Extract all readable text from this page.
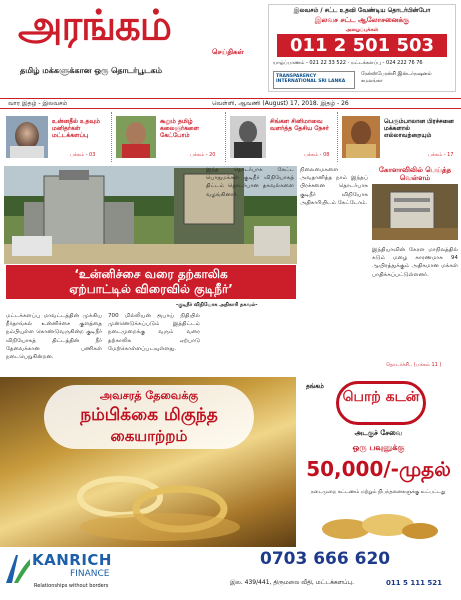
அரங்கம்
செய்திகள்
தமிழ் மக்களுக்கான ஒரு தொடர்பூடகம்
இலவசம் / சட்ட உதவி வேண்டிய தொடர்பின்போ
இலவச சட்ட ஆலோசனைக்கு
அழைப்புக்கள்
011 2 501 503
யாழ்ப்பாணம் - 021 22 33 522 · மட்டக்களப்பு - 024 222 76 76
TRANSPARENCY INTERNATIONAL SRI LANKA
ரேன்ஸ்பேரன்சி இன்டர்நஷனல்
சுமலங்கா
வார இதழ் - இலவசம்	வெள்ளி, ஆவணி (August) 17, 2018. இதழ் - 26
உன்னதீல் உதவும் மனிதர்கள் மட்டக்களப்பு
பக்கம் - 03
கூறும் தமிழ் கலைஞர்களை கேட்போம்
பக்கம் - 20
சிங்கள சினிமாவை வளர்த்த தேசிய நேசர்
பக்கம் - 08
பெரும்பாலான பிரச்சனை மக்களால் எல்லாவற்றையும்
பக்கம் - 17
‘உன்னிச்சை வரை தற்காலிக
ஏற்பாட்டில் விரைவில் குடிநீர்’
-குடிநீர் விநியோக அதிகாரி தகவல்-
மட்டக்களப்பு மாவட்டத்தின் முக்கிய நீர்தாங்கல் உன்னிச்சை குளத்தை நம்பியுள்ள கொண்டுவருகின்ற குடிநீர் விநியோகத் திட்டத்தின் நீர் தேவைக்கான பணிகள் நடைபெறுகின்றன.
700 மில்லியன் ரூபாய் நிதியில் முன்னெடுக்கப்படும் இத்திட்டம் நடைமுறைக்கு வரும் வரை தற்காலிக ஏற்பாடு மேற்கொள்ளப்படவுள்ளது.
இந்த தொடர்பாக கேட்ட பொதுமக்கள் குடிநீர் விநியோகத் திட்டம் தொடர்பான தகவல்களை வழங்கினார்.
நிலைமைகளை அவதானித்த நாம் இந்தப் பிரச்சனை தொடர்பாக குடிநீர் விநியோக அதிகாரியிடம் கேட்டோம்.
கோளாவிலில் பெய்த்த வெள்ளம்
இந்தியாவின் கேரள மாநிலத்தில் கடும் மழை காரணமாக 94 ஆயிரத்துக்கும் அதிகமான மக்கள் பாதிக்கப்பட்டுள்ளனர்.
தொடர்ச்சி.. (பக்கம் 11 )
அவசரத் தேவைக்கு
நம்பிக்கை மிகுந்த
கையாற்றம்
தங்கம்
பொற் கடன்
அடகுச் சேவை
ஒரு பவுனுக்கு
50,000/-முதல்
நடைமுறை கட்டணம் மற்றும் நிபந்தனைகளுக்கு உட்பட்டது
KANRICH
FINANCE
Relationships without borders
0703 666 620
இல. 439/441, திருமலை வீதி, மட்டக்களப்பு.	011 5 111 521
